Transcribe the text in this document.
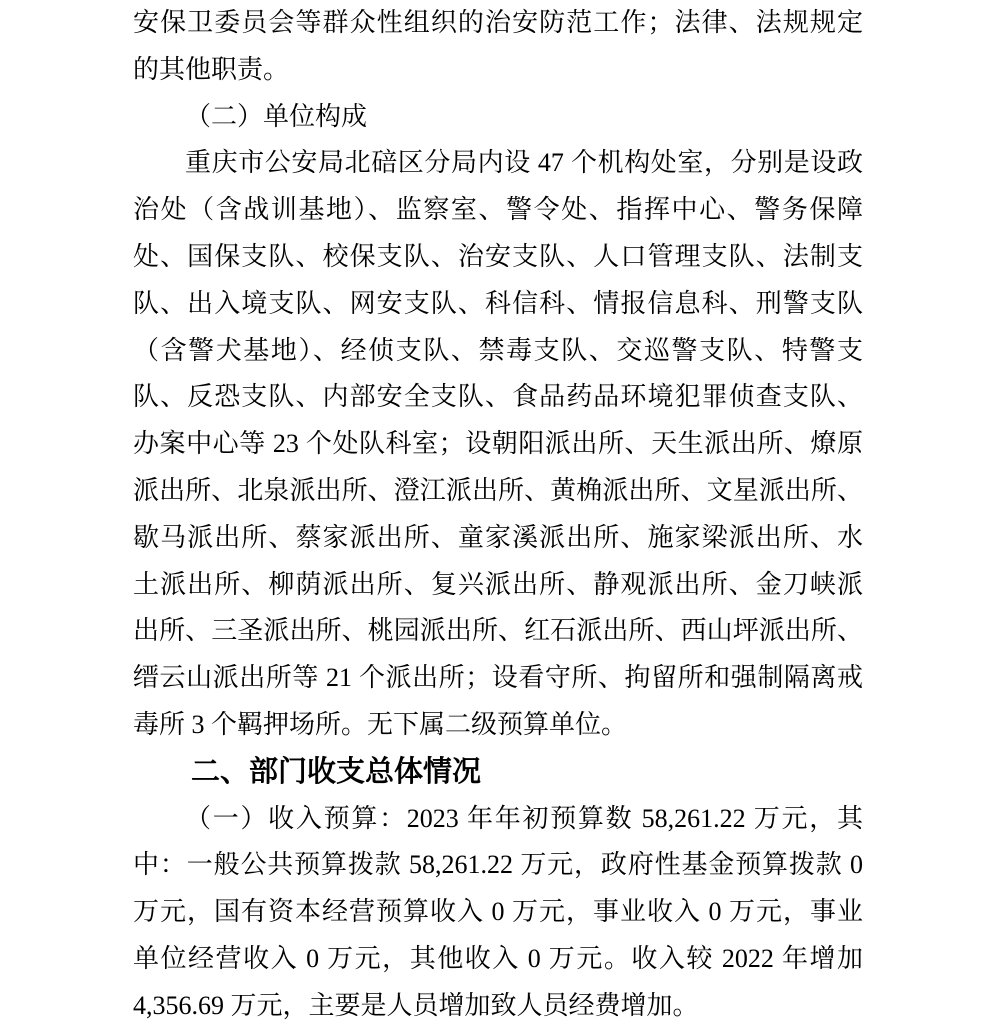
安保卫委员会等群众性组织的治安防范工作；法律、法规规定
的其他职责。
（二）单位构成
重庆市公安局北碚区分局内设 47 个机构处室，分别是设政
治处（含战训基地）、监察室、警令处、指挥中心、警务保障
处、国保支队、校保支队、治安支队、人口管理支队、法制支
队、出入境支队、网安支队、科信科、情报信息科、刑警支队
（含警犬基地）、经侦支队、禁毒支队、交巡警支队、特警支
队、反恐支队、内部安全支队、食品药品环境犯罪侦查支队、
办案中心等 23 个处队科室；设朝阳派出所、天生派出所、燎原
派出所、北泉派出所、澄江派出所、黄桷派出所、文星派出所、
歇马派出所、蔡家派出所、童家溪派出所、施家梁派出所、水
土派出所、柳荫派出所、复兴派出所、静观派出所、金刀峡派
出所、三圣派出所、桃园派出所、红石派出所、西山坪派出所、
缙云山派出所等 21 个派出所；设看守所、拘留所和强制隔离戒
毒所 3 个羁押场所。无下属二级预算单位。
二、部门收支总体情况
（一）收入预算：2023 年年初预算数 58,261.22 万元，其
中：一般公共预算拨款 58,261.22 万元，政府性基金预算拨款 0
万元，国有资本经营预算收入 0 万元，事业收入 0 万元，事业
单位经营收入 0 万元，其他收入 0 万元。收入较 2022 年增加
4,356.69 万元，主要是人员增加致人员经费增加。
